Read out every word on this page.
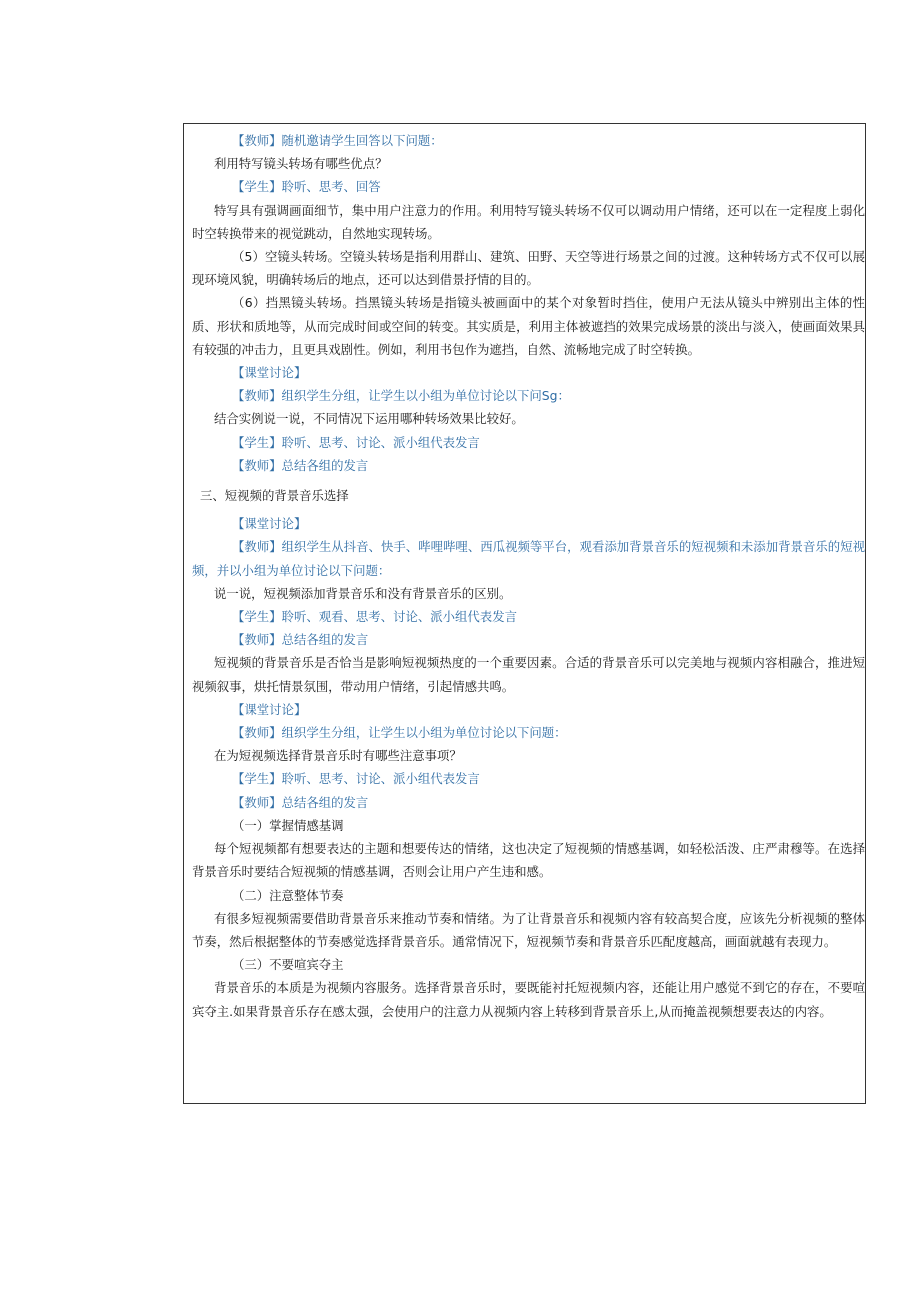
【教师】随机邀请学生回答以下问题：

利用特写镜头转场有哪些优点？

【学生】聆听、思考、回答

特写具有强调画面细节，集中用户注意力的作用。利用特写镜头转场不仅可以调动用户情绪，还可以在一定程度上弱化时空转换带来的视觉跳动，自然地实现转场。

（5）空镜头转场。空镜头转场是指利用群山、建筑、田野、天空等进行场景之间的过渡。这种转场方式不仅可以展现环境风貌，明确转场后的地点，还可以达到借景抒情的目的。

（6）挡黑镜头转场。挡黑镜头转场是指镜头被画面中的某个对象暂时挡住，使用户无法从镜头中辨别出主体的性质、形状和质地等，从而完成时间或空间的转变。其实质是，利用主体被遮挡的效果完成场景的淡出与淡入，使画面效果具有较强的冲击力，且更具戏剧性。例如，利用书包作为遮挡，自然、流畅地完成了时空转换。

【课堂讨论】

【教师】组织学生分组，让学生以小组为单位讨论以下问Sg：

结合实例说一说，不同情况下运用哪种转场效果比较好。

【学生】聆听、思考、讨论、派小组代表发言

【教师】总结各组的发言

三、短视频的背景音乐选择

【课堂讨论】

【教师】组织学生从抖音、快手、哔哩哔哩、西瓜视频等平台，观看添加背景音乐的短视频和未添加背景音乐的短视频，并以小组为单位讨论以下问题：

说一说，短视频添加背景音乐和没有背景音乐的区别。

【学生】聆听、观看、思考、讨论、派小组代表发言

【教师】总结各组的发言

短视频的背景音乐是否恰当是影响短视频热度的一个重要因素。合适的背景音乐可以完美地与视频内容相融合，推进短视频叙事，烘托情景氛围，带动用户情绪，引起情感共鸣。

【课堂讨论】

【教师】组织学生分组，让学生以小组为单位讨论以下问题：

在为短视频选择背景音乐时有哪些注意事项？

【学生】聆听、思考、讨论、派小组代表发言

【教师】总结各组的发言

（一）掌握情感基调

每个短视频都有想要表达的主题和想要传达的情绪，这也决定了短视频的情感基调，如轻松活泼、庄严肃穆等。在选择背景音乐时要结合短视频的情感基调，否则会让用户产生违和感。

（二）注意整体节奏

有很多短视频需要借助背景音乐来推动节奏和情绪。为了让背景音乐和视频内容有较高契合度，应该先分析视频的整体节奏，然后根据整体的节奏感觉选择背景音乐。通常情况下，短视频节奏和背景音乐匹配度越高，画面就越有表现力。

（三）不要喧宾夺主

背景音乐的本质是为视频内容服务。选择背景音乐时，要既能衬托短视频内容，还能让用户感觉不到它的存在，不要喧宾夺主.如果背景音乐存在感太强，会使用户的注意力从视频内容上转移到背景音乐上,从而掩盖视频想要表达的内容。
